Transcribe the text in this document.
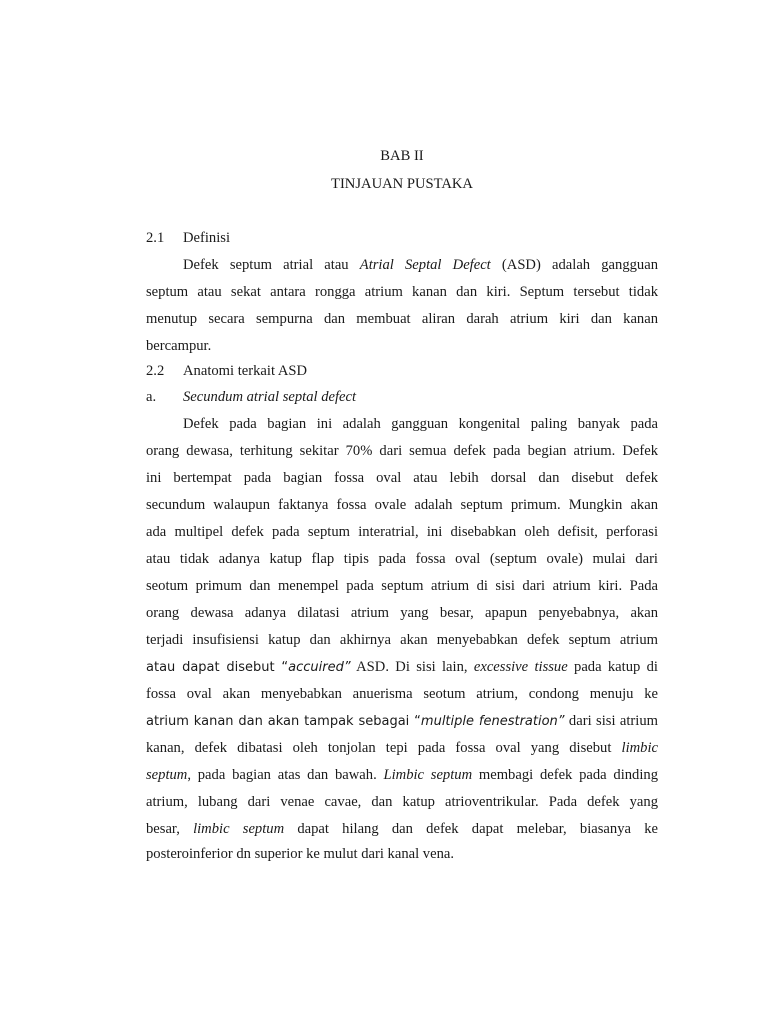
BAB II
TINJAUAN PUSTAKA
2.1 Definisi
Defek septum atrial atau Atrial Septal Defect (ASD) adalah gangguan
septum atau sekat antara rongga atrium kanan dan kiri. Septum tersebut tidak
menutup secara sempurna dan membuat aliran darah atrium kiri dan kanan
bercampur.
2.2 Anatomi terkait ASD
a. Secundum atrial septal defect
Defek pada bagian ini adalah gangguan kongenital paling banyak pada
orang dewasa, terhitung sekitar 70% dari semua defek pada begian atrium. Defek
ini bertempat pada bagian fossa oval atau lebih dorsal dan disebut defek
secundum walaupun faktanya fossa ovale adalah septum primum. Mungkin akan
ada multipel defek pada septum interatrial, ini disebabkan oleh defisit, perforasi
atau tidak adanya katup flap tipis pada fossa oval (septum ovale) mulai dari
seotum primum dan menempel pada septum atrium di sisi dari atrium kiri. Pada
orang dewasa adanya dilatasi atrium yang besar, apapun penyebabnya, akan
terjadi insufisiensi katup dan akhirnya akan menyebabkan defek septum atrium
atau dapat disebut “accuired” ASD. Di sisi lain, excessive tissue pada katup di
fossa oval akan menyebabkan anuerisma seotum atrium, condong menuju ke
atrium kanan dan akan tampak sebagai “multiple fenestration” dari sisi atrium
kanan, defek dibatasi oleh tonjolan tepi pada fossa oval yang disebut limbic
septum, pada bagian atas dan bawah. Limbic septum membagi defek pada dinding
atrium, lubang dari venae cavae, dan katup atrioventrikular. Pada defek yang
besar, limbic septum dapat hilang dan defek dapat melebar, biasanya ke
posteroinferior dn superior ke mulut dari kanal vena.
